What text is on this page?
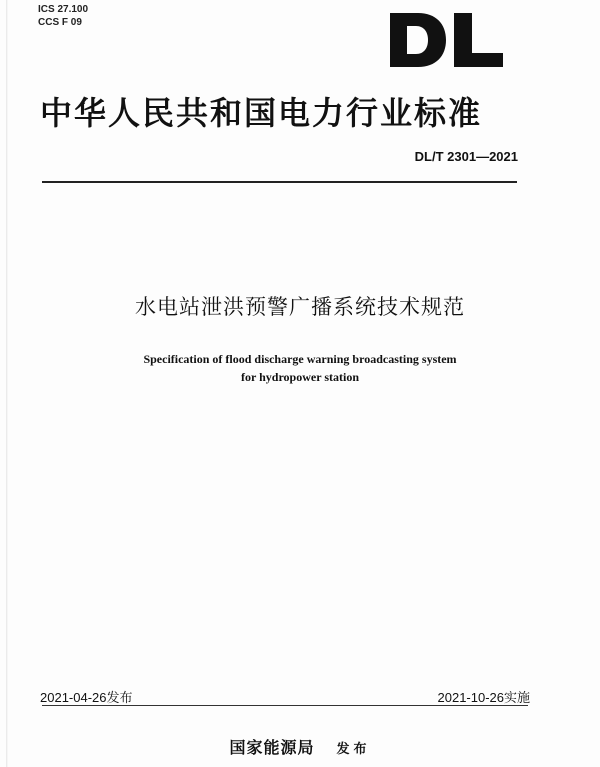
ICS 27.100
CCS F 09
中华人民共和国电力行业标准
DL/T 2301—2021
水电站泄洪预警广播系统技术规范
Specification of flood discharge warning broadcasting system
for hydropower station
2021-04-26发布	2021-10-26实施
国家能源局 发布
